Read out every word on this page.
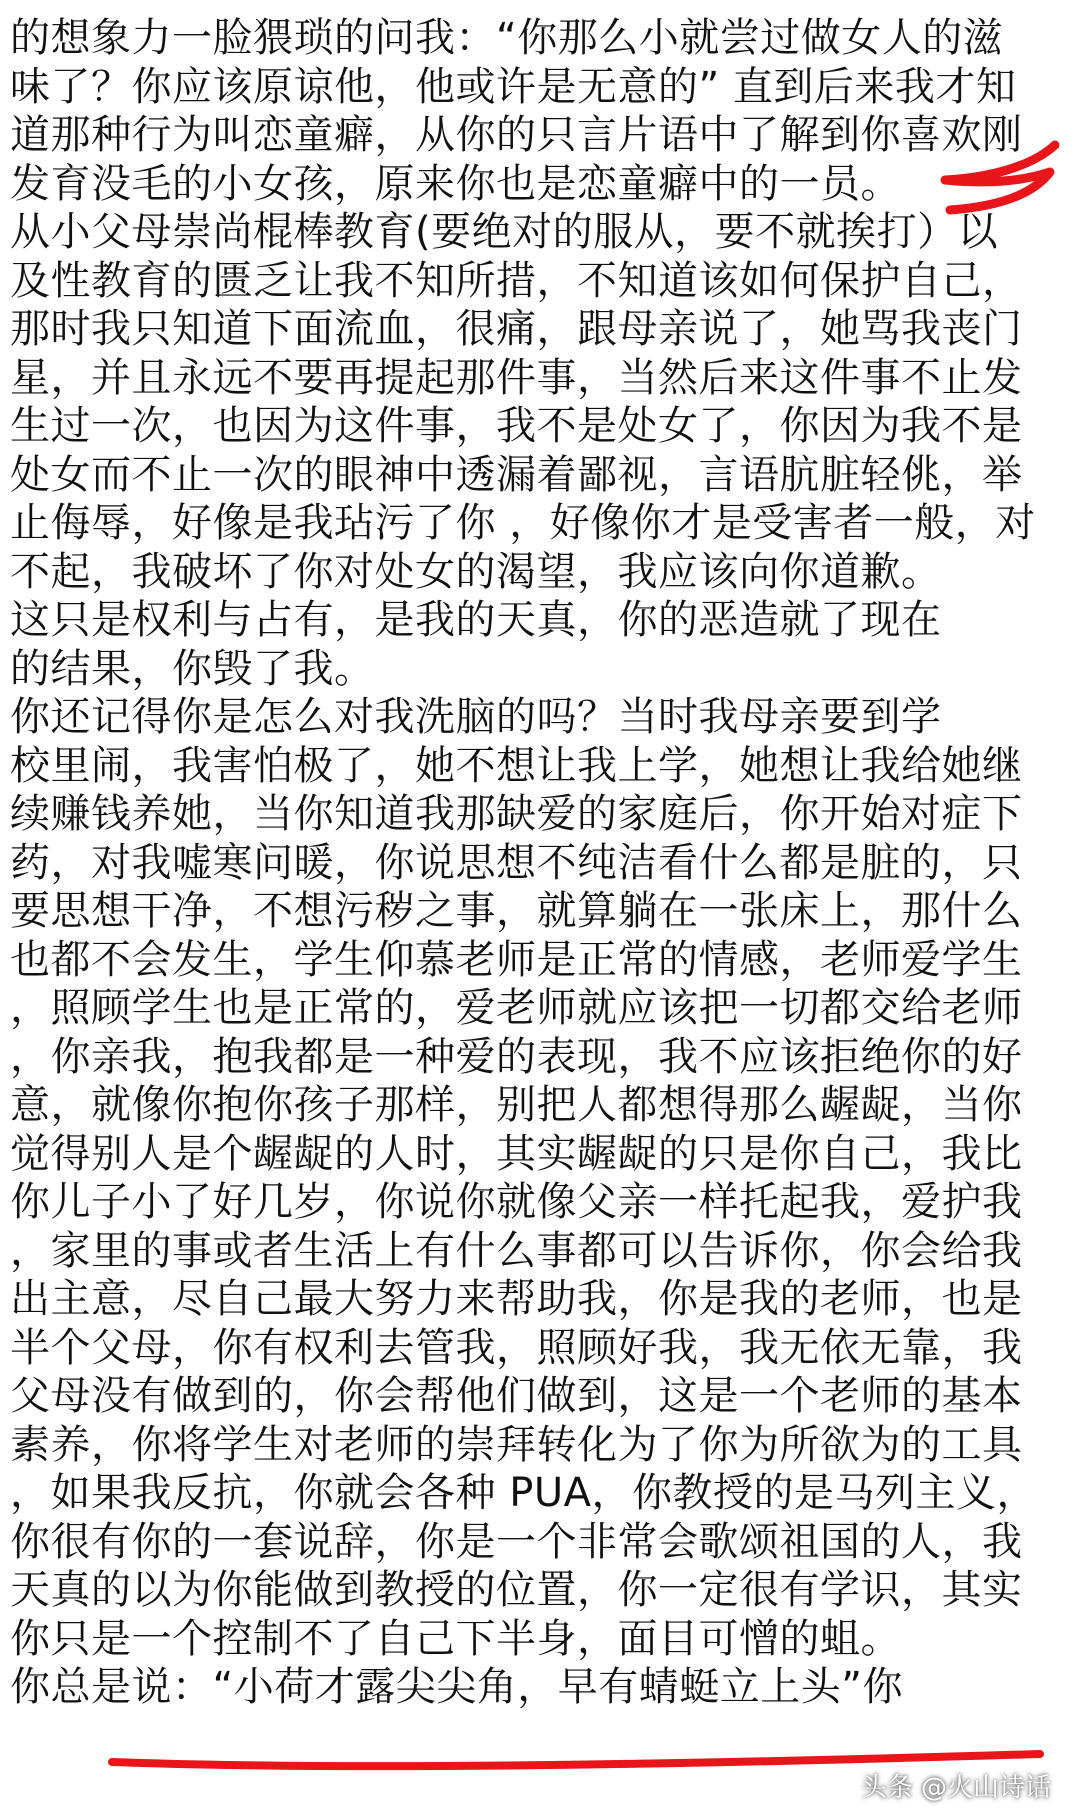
的想象力一脸猥琐的问我：“你那么小就尝过做女人的滋
味了？你应该原谅他，他或许是无意的” 直到后来我才知
道那种行为叫恋童癖，从你的只言片语中了解到你喜欢刚
发育没毛的小女孩，原来你也是恋童癖中的一员。
从小父母崇尚棍棒教育(要绝对的服从，要不就挨打）以
及性教育的匮乏让我不知所措，不知道该如何保护自己，
那时我只知道下面流血，很痛，跟母亲说了，她骂我丧门
星，并且永远不要再提起那件事，当然后来这件事不止发
生过一次，也因为这件事，我不是处女了，你因为我不是
处女而不止一次的眼神中透漏着鄙视，言语肮脏轻佻，举
止侮辱，好像是我玷污了你 ，好像你才是受害者一般，对
不起，我破坏了你对处女的渴望，我应该向你道歉。
这只是权利与占有，是我的天真，你的恶造就了现在
的结果，你毁了我。
你还记得你是怎么对我洗脑的吗？当时我母亲要到学
校里闹，我害怕极了，她不想让我上学，她想让我给她继
续赚钱养她，当你知道我那缺爱的家庭后，你开始对症下
药，对我嘘寒问暖，你说思想不纯洁看什么都是脏的，只
要思想干净，不想污秽之事，就算躺在一张床上，那什么
也都不会发生，学生仰慕老师是正常的情感，老师爱学生
，照顾学生也是正常的，爱老师就应该把一切都交给老师
，你亲我，抱我都是一种爱的表现，我不应该拒绝你的好
意，就像你抱你孩子那样，别把人都想得那么龌龊，当你
觉得别人是个龌龊的人时，其实龌龊的只是你自己，我比
你儿子小了好几岁，你说你就像父亲一样托起我，爱护我
，家里的事或者生活上有什么事都可以告诉你，你会给我
出主意，尽自己最大努力来帮助我，你是我的老师，也是
半个父母，你有权利去管我，照顾好我，我无依无靠，我
父母没有做到的，你会帮他们做到，这是一个老师的基本
素养，你将学生对老师的崇拜转化为了你为所欲为的工具
，如果我反抗，你就会各种 PUA，你教授的是马列主义，
你很有你的一套说辞，你是一个非常会歌颂祖国的人，我
天真的以为你能做到教授的位置，你一定很有学识，其实
你只是一个控制不了自己下半身，面目可憎的蛆。
你总是说：“小荷才露尖尖角，早有蜻蜓立上头”你
头条 @火山诗话
